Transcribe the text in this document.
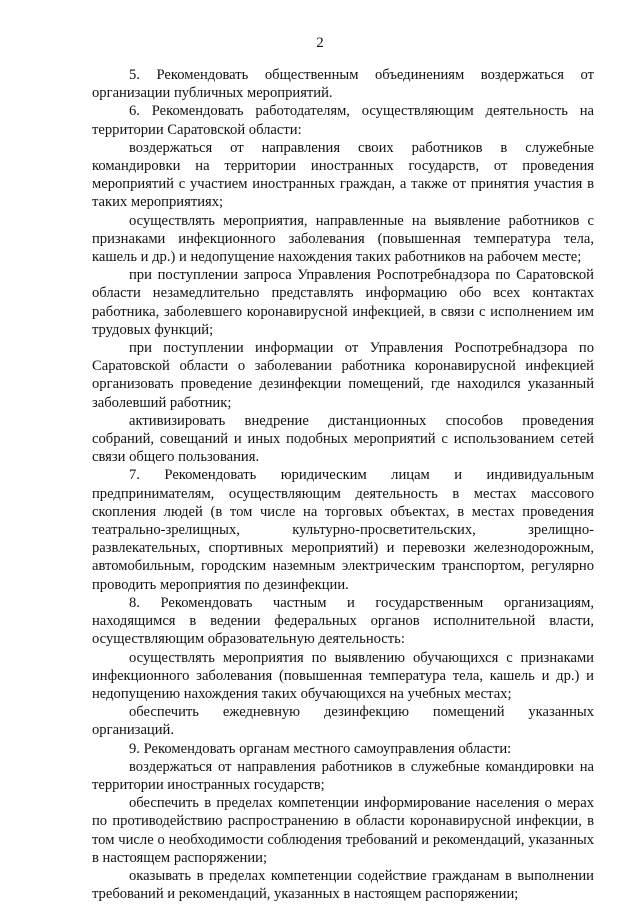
2

5. Рекомендовать общественным объединениям воздержаться от организации публичных мероприятий.

6. Рекомендовать работодателям, осуществляющим деятельность на территории Саратовской области:

воздержаться от направления своих работников в служебные командировки на территории иностранных государств, от проведения мероприятий с участием иностранных граждан, а также от принятия участия в таких мероприятиях;

осуществлять мероприятия, направленные на выявление работников с признаками инфекционного заболевания (повышенная температура тела, кашель и др.) и недопущение нахождения таких работников на рабочем месте;

при поступлении запроса Управления Роспотребнадзора по Саратовской области незамедлительно представлять информацию обо всех контактах работника, заболевшего коронавирусной инфекцией, в связи с исполнением им трудовых функций;

при поступлении информации от Управления Роспотребнадзора по Саратовской области о заболевании работника коронавирусной инфекцией организовать проведение дезинфекции помещений, где находился указанный заболевший работник;

активизировать внедрение дистанционных способов проведения собраний, совещаний и иных подобных мероприятий с использованием сетей связи общего пользования.

7. Рекомендовать юридическим лицам и индивидуальным предпринимателям, осуществляющим деятельность в местах массового скопления людей (в том числе на торговых объектах, в местах проведения театрально-зрелищных, культурно-просветительских, зрелищно-развлекательных, спортивных мероприятий) и перевозки железнодорожным, автомобильным, городским наземным электрическим транспортом, регулярно проводить мероприятия по дезинфекции.

8. Рекомендовать частным и государственным организациям, находящимся в ведении федеральных органов исполнительной власти, осуществляющим образовательную деятельность:

осуществлять мероприятия по выявлению обучающихся с признаками инфекционного заболевания (повышенная температура тела, кашель и др.) и недопущению нахождения таких обучающихся на учебных местах;

обеспечить ежедневную дезинфекцию помещений указанных организаций.

9. Рекомендовать органам местного самоуправления области:

воздержаться от направления работников в служебные командировки на территории иностранных государств;

обеспечить в пределах компетенции информирование населения о мерах по противодействию распространению в области коронавирусной инфекции, в том числе о необходимости соблюдения требований и рекомендаций, указанных в настоящем распоряжении;

оказывать в пределах компетенции содействие гражданам в выполнении требований и рекомендаций, указанных в настоящем распоряжении;
